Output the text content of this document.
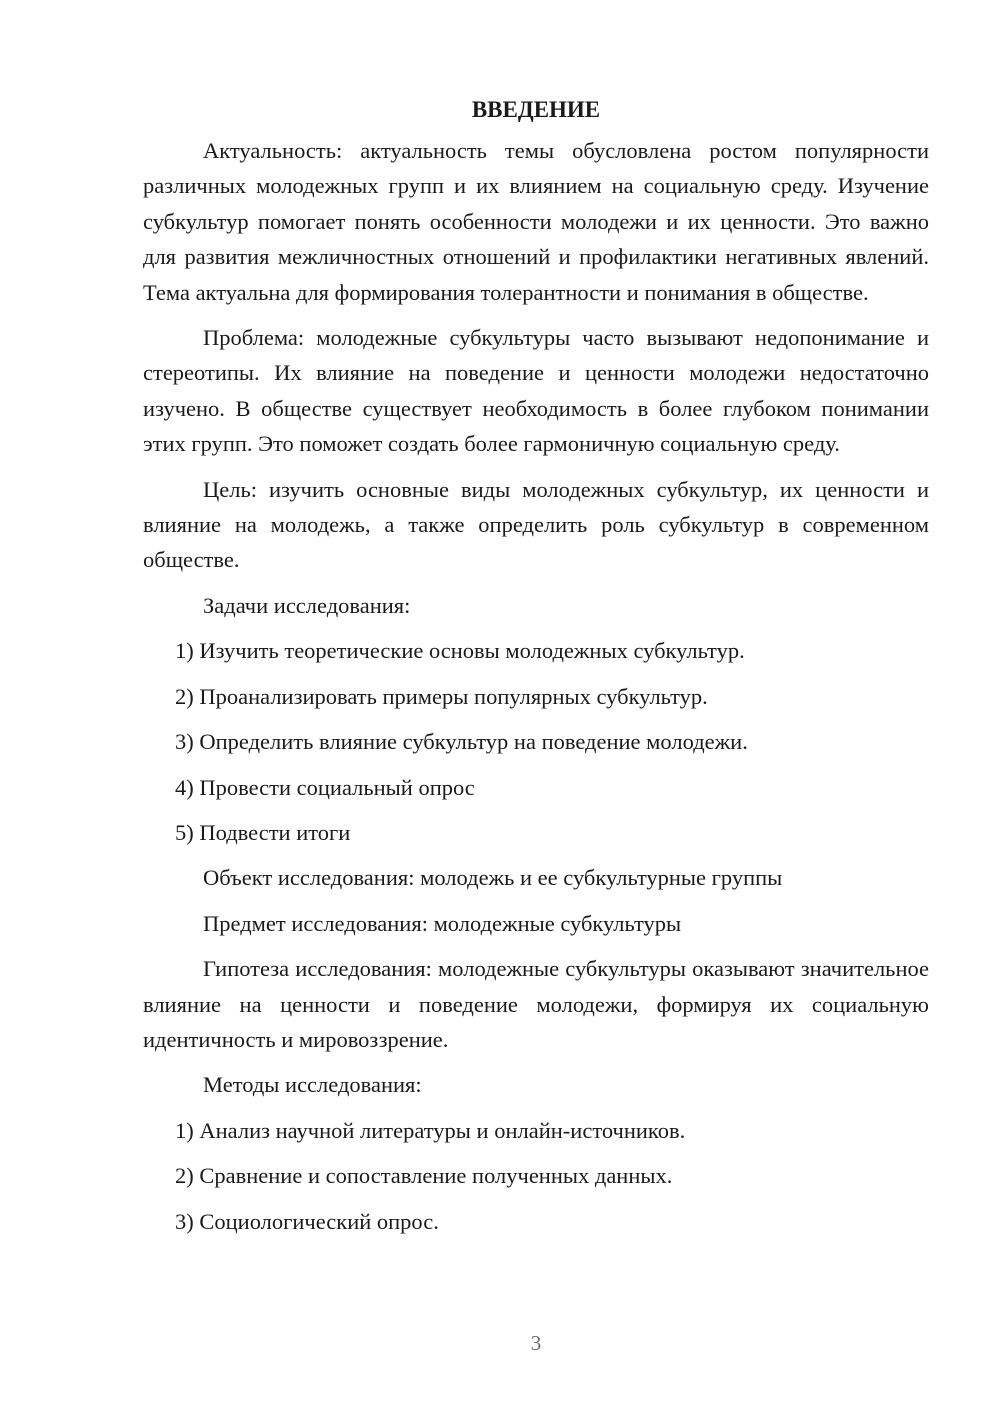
ВВЕДЕНИЕ

Актуальность: актуальность темы обусловлена ростом популярности различных молодежных групп и их влиянием на социальную среду. Изучение субкультур помогает понять особенности молодежи и их ценности. Это важно для развития межличностных отношений и профилактики негативных явлений. Тема актуальна для формирования толерантности и понимания в обществе.

Проблема: молодежные субкультуры часто вызывают недопонимание и стереотипы. Их влияние на поведение и ценности молодежи недостаточно изучено. В обществе существует необходимость в более глубоком понимании этих групп. Это поможет создать более гармоничную социальную среду.

Цель: изучить основные виды молодежных субкультур, их ценности и влияние на молодежь, а также определить роль субкультур в современном обществе.

Задачи исследования:

1) Изучить теоретические основы молодежных субкультур.
2) Проанализировать примеры популярных субкультур.
3) Определить влияние субкультур на поведение молодежи.
4) Провести социальный опрос
5) Подвести итоги

Объект исследования: молодежь и ее субкультурные группы

Предмет исследования: молодежные субкультуры

Гипотеза исследования: молодежные субкультуры оказывают значительное влияние на ценности и поведение молодежи, формируя их социальную идентичность и мировоззрение.

Методы исследования:

1) Анализ научной литературы и онлайн-источников.
2) Сравнение и сопоставление полученных данных.
3) Социологический опрос.
3
